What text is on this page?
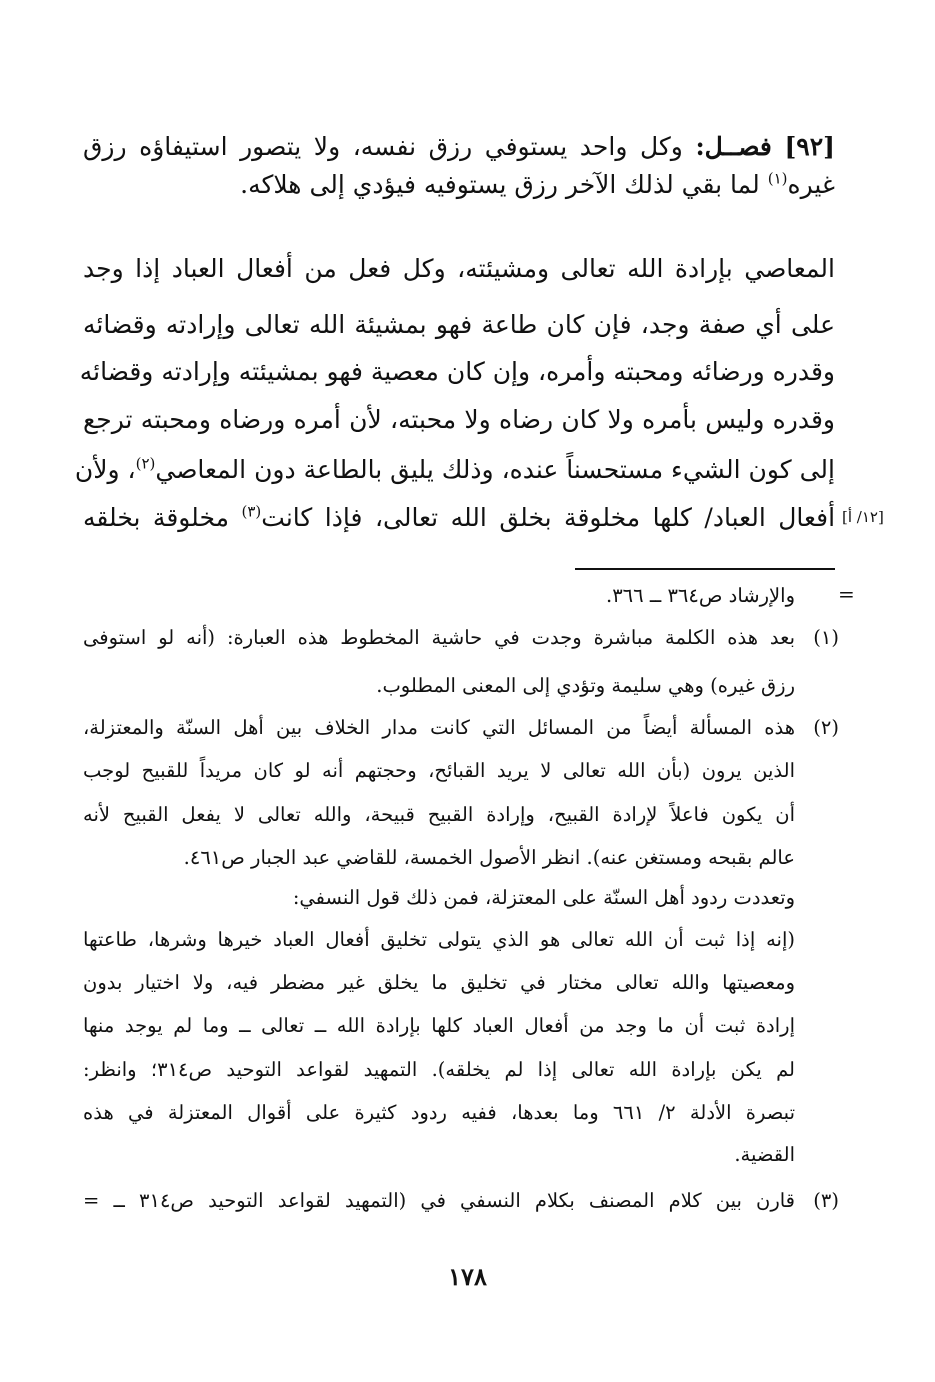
[٩٢] فصــل: وكل واحد يستوفي رزق نفسه، ولا يتصور استيفاؤه رزق
غيره$^{(١)}$ لما بقي لذلك الآخر رزق يستوفيه فيؤدي إلى هلاكه.
المعاصي بإرادة الله تعالى ومشيئته، وكل فعل من أفعال العباد إذا وجد
على أي صفة وجد، فإن كان طاعة فهو بمشيئة الله تعالى وإرادته وقضائه
وقدره ورضائه ومحبته وأمره، وإن كان معصية فهو بمشيئته وإرادته وقضائه
وقدره وليس بأمره ولا كان رضاه ولا محبته، لأن أمره ورضاه ومحبته ترجع
إلى كون الشيء مستحسناً عنده، وذلك يليق بالطاعة دون المعاصي$^{(٢)}$، ولأن
أفعال العباد/ كلها مخلوقة بخلق الله تعالى، فإذا كانت$^{(٣)}$ مخلوقة بخلقه	[١٢/ أ]
والإرشاد ص٣٦٤ ــ ٣٦٦. =
(١)
بعد هذه الكلمة مباشرة وجدت في حاشية المخطوط هذه العبارة: (أنه لو استوفى
رزق غيره) وهي سليمة وتؤدي إلى المعنى المطلوب.
(٢)
هذه المسألة أيضاً من المسائل التي كانت مدار الخلاف بين أهل السنّة والمعتزلة،
الذين يرون (بأن الله تعالى لا يريد القبائح، وحجتهم أنه لو كان مريداً للقبيح لوجب
أن يكون فاعلاً لإرادة القبيح، وإرادة القبيح قبيحة، والله تعالى لا يفعل القبيح لأنه
عالم بقبحه ومستغن عنه). انظر الأصول الخمسة، للقاضي عبد الجبار ص٤٦١.
وتعددت ردود أهل السنّة على المعتزلة، فمن ذلك قول النسفي:
(إنه إذا ثبت أن الله تعالى هو الذي يتولى تخليق أفعال العباد خيرها وشرها، طاعتها
ومعصيتها والله تعالى مختار في تخليق ما يخلق غير مضطر فيه، ولا اختيار بدون
إرادة ثبت أن ما وجد من أفعال العباد كلها بإرادة الله ــ تعالى ــ وما لم يوجد منها
لم يكن بإرادة الله تعالى إذا لم يخلقه). التمهيد لقواعد التوحيد ص٣١٤؛ وانظر:
تبصرة الأدلة ٢/ ٦٦١ وما بعدها، ففيه ردود كثيرة على أقوال المعتزلة في هذه
القضية.
(٣)
قارن بين كلام المصنف بكلام النسفي في (التمهيد لقواعد التوحيد ص٣١٤ ــ =
١٧٨
